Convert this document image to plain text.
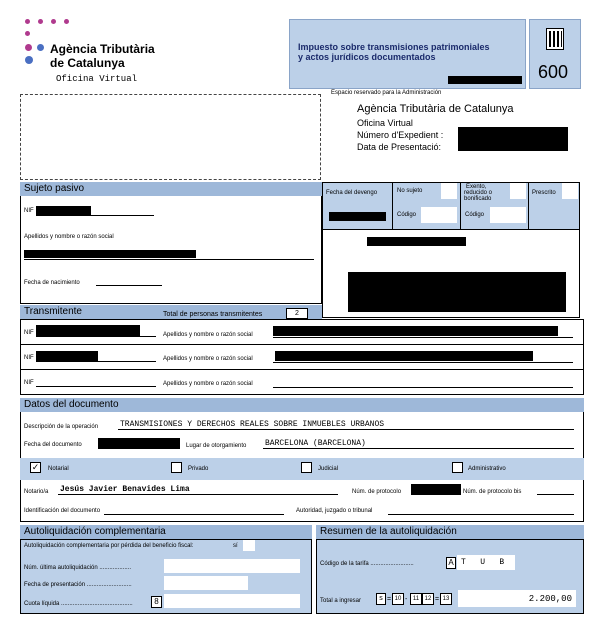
Agència Tributària
de Catalunya
Oficina Virtual
Impuesto sobre transmisiones patrimoniales
y actos jurídicos documentados
600
Espacio reservado para la Administración
Agència Tributària de Catalunya
Oficina Virtual
Número d'Expedient :
Data de Presentació:
Sujeto pasivo
NIF
Apellidos y nombre o razón social
Fecha de nacimiento
Fecha del devengo	No sujeto
Código
Exento,
reducido o
bonificado
Código
Prescrito
Transmitente	Total de personas transmitentes	2
NIF	Apellidos y nombre o razón social
NIF	Apellidos y nombre o razón social
NIF	Apellidos y nombre o razón social
Datos del documento
Descripción de la operación	TRANSMISIONES Y DERECHOS REALES SOBRE INMUEBLES URBANOS
Fecha del documento	Lugar de otorgamiento BARCELONA (BARCELONA)
✓ Notarial	Privado	Judicial	Administrativo
Notario/a Jesús Javier Benavides Lima	Núm. de protocolo	Núm. de protocolo bis
Identificación del documento	Autoridad, juzgado o tribunal
Autoliquidación complementaria
Autoliquidación complementaria por pérdida del beneficio fiscal:	sí
Núm. última autoliquidación ...................
Fecha de presentación ...........................
Cuota líquida ...........................................	8
Resumen de la autoliquidación
Código de la tarifa ..........................	A T   U   B
Total a ingresar	s = 10 - 11 12 = 13	2.200,00
